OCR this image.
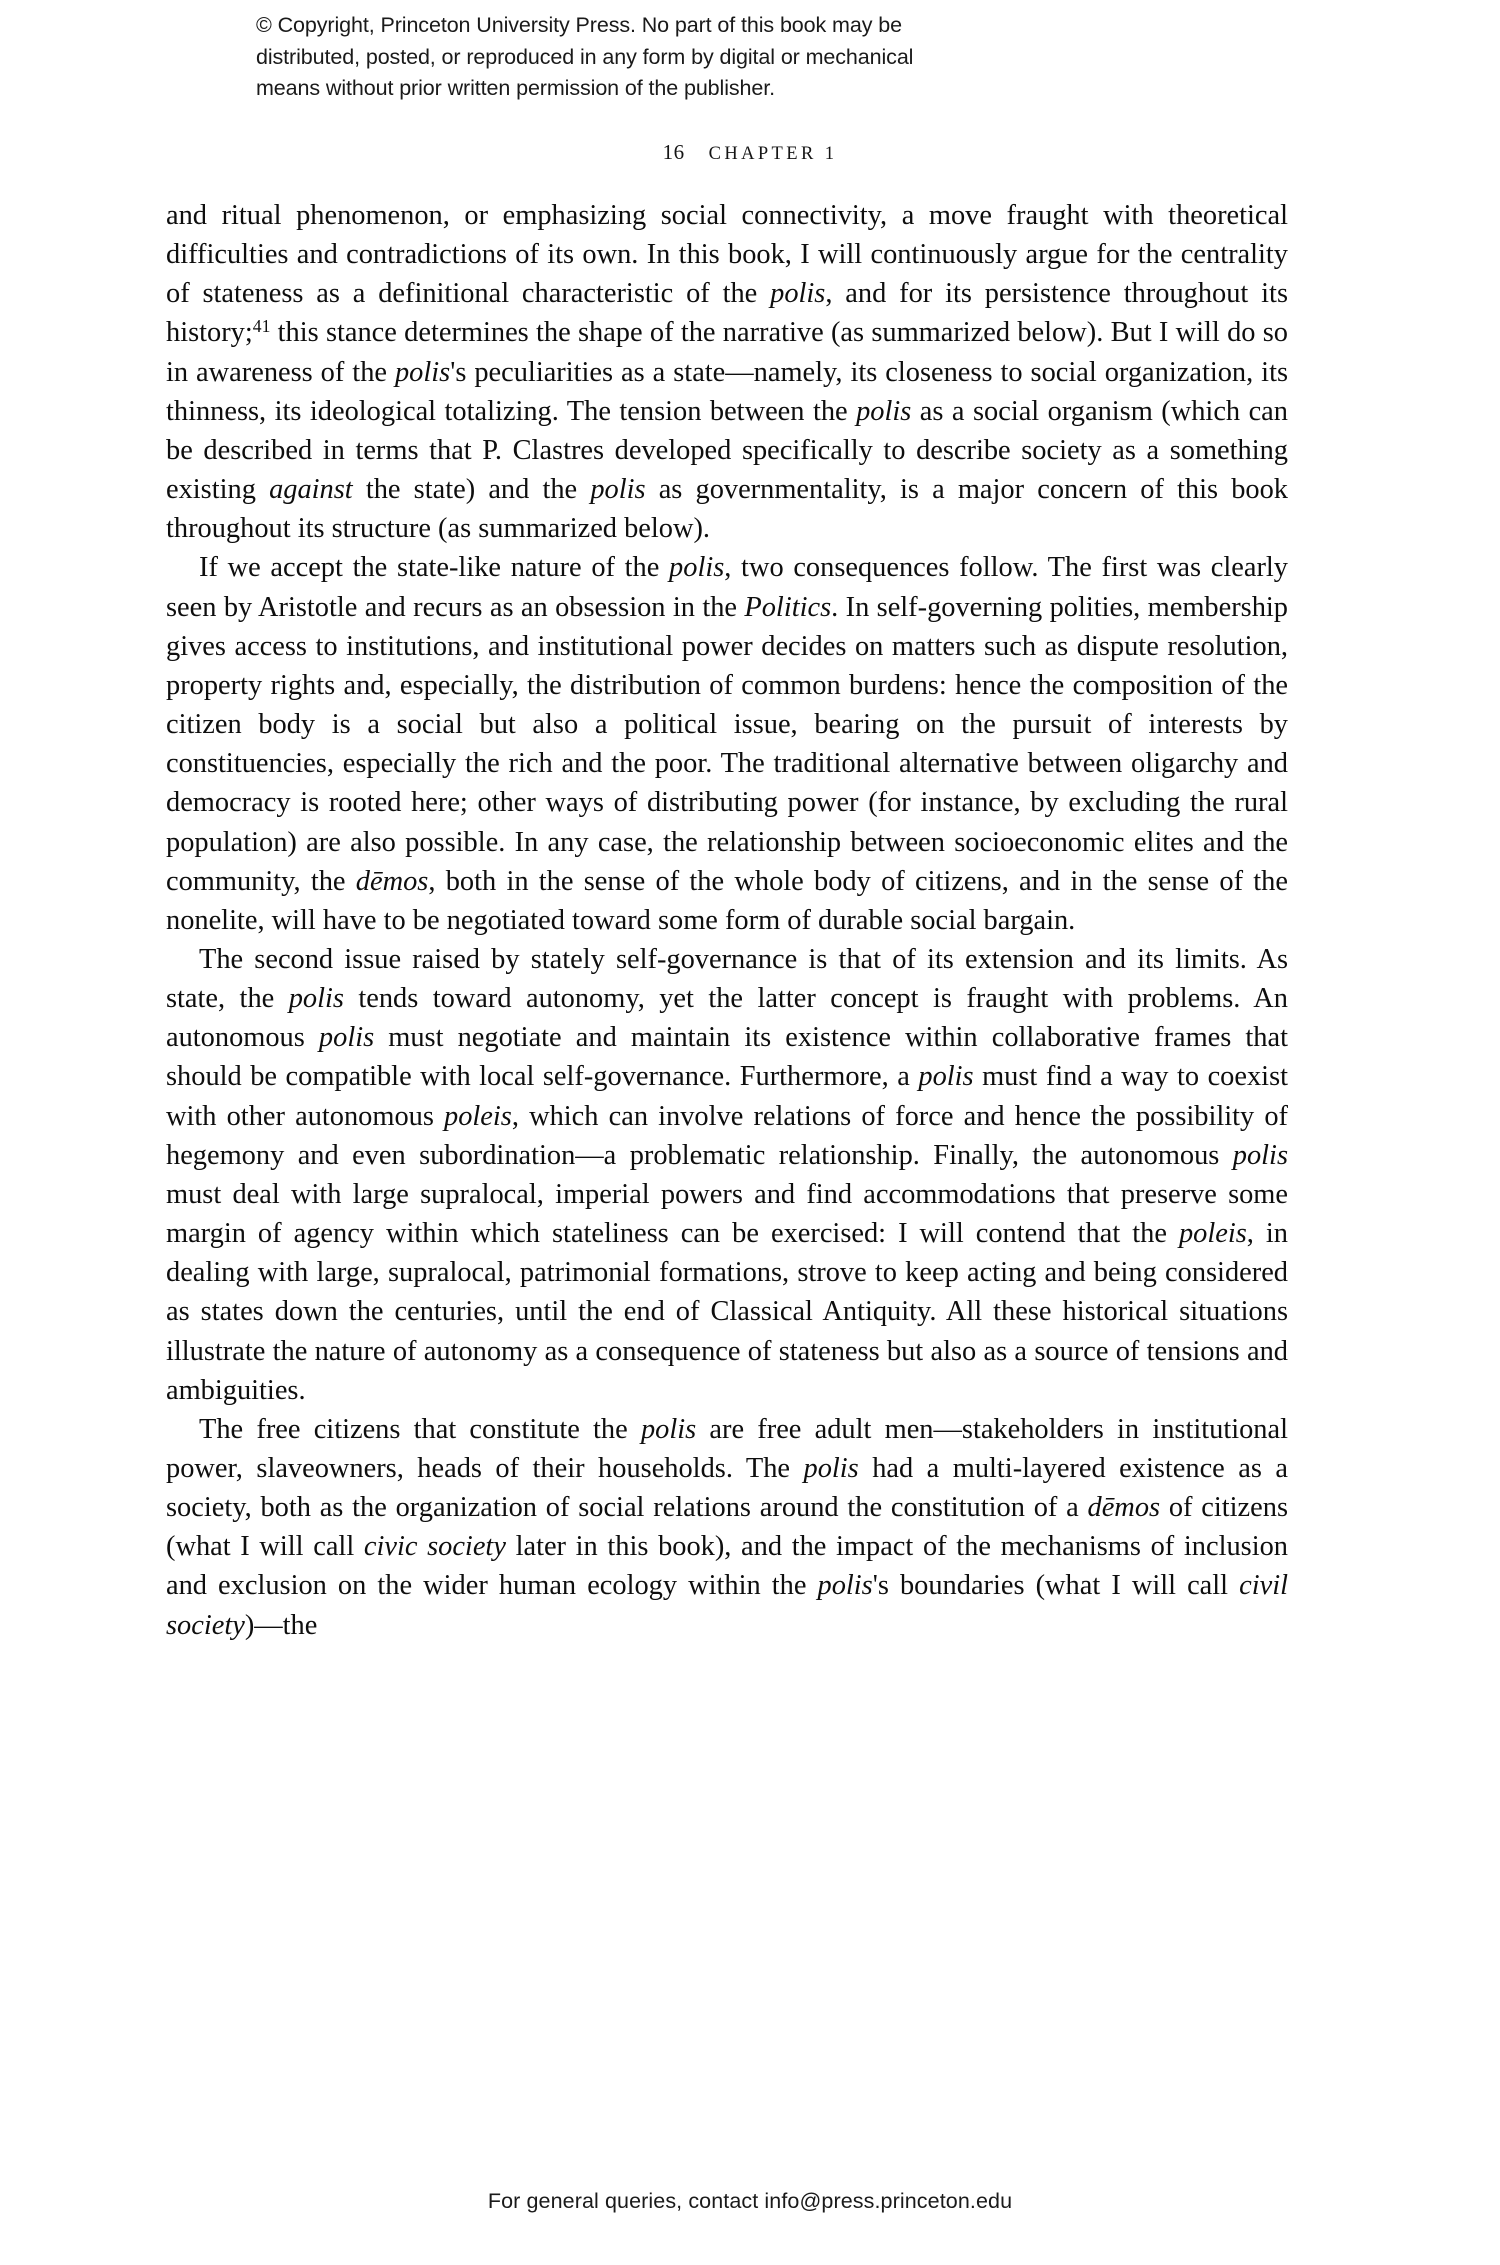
© Copyright, Princeton University Press. No part of this book may be
distributed, posted, or reproduced in any form by digital or mechanical
means without prior written permission of the publisher.
16 CHAPTER 1

and ritual phenomenon, or emphasizing social connectivity, a move fraught with theoretical difficulties and contradictions of its own. In this book, I will continuously argue for the centrality of stateness as a definitional characteristic of the polis, and for its persistence throughout its history;$^{41}$ this stance determines the shape of the narrative (as summarized below). But I will do so in awareness of the polis's peculiarities as a state—namely, its closeness to social organization, its thinness, its ideological totalizing. The tension between the polis as a social organism (which can be described in terms that P. Clastres developed specifically to describe society as a something existing against the state) and the polis as governmentality, is a major concern of this book throughout its structure (as summarized below).

If we accept the state-like nature of the polis, two consequences follow. The first was clearly seen by Aristotle and recurs as an obsession in the Politics. In self-governing polities, membership gives access to institutions, and institutional power decides on matters such as dispute resolution, property rights and, especially, the distribution of common burdens: hence the composition of the citizen body is a social but also a political issue, bearing on the pursuit of interests by constituencies, especially the rich and the poor. The traditional alternative between oligarchy and democracy is rooted here; other ways of distributing power (for instance, by excluding the rural population) are also possible. In any case, the relationship between socioeconomic elites and the community, the dēmos, both in the sense of the whole body of citizens, and in the sense of the nonelite, will have to be negotiated toward some form of durable social bargain.

The second issue raised by stately self-governance is that of its extension and its limits. As state, the polis tends toward autonomy, yet the latter concept is fraught with problems. An autonomous polis must negotiate and maintain its existence within collaborative frames that should be compatible with local self-governance. Furthermore, a polis must find a way to coexist with other autonomous poleis, which can involve relations of force and hence the possibility of hegemony and even subordination—a problematic relationship. Finally, the autonomous polis must deal with large supralocal, imperial powers and find accommodations that preserve some margin of agency within which stateliness can be exercised: I will contend that the poleis, in dealing with large, supralocal, patrimonial formations, strove to keep acting and being considered as states down the centuries, until the end of Classical Antiquity. All these historical situations illustrate the nature of autonomy as a consequence of stateness but also as a source of tensions and ambiguities.

The free citizens that constitute the polis are free adult men—stakeholders in institutional power, slaveowners, heads of their households. The polis had a multi-layered existence as a society, both as the organization of social relations around the constitution of a dēmos of citizens (what I will call civic society later in this book), and the impact of the mechanisms of inclusion and exclusion on the wider human ecology within the polis's boundaries (what I will call civil society)—the

For general queries, contact info@press.princeton.edu
